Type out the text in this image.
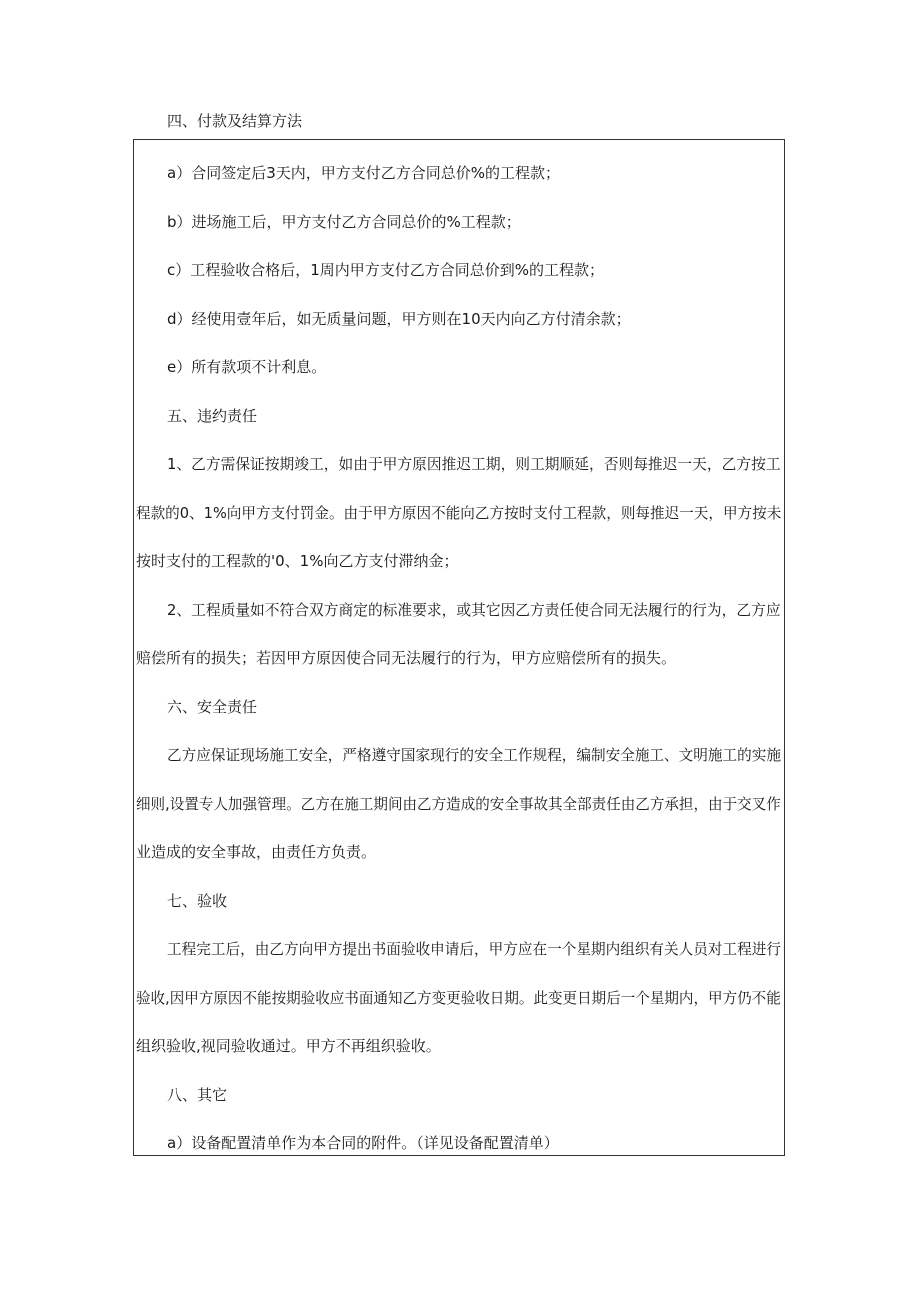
四、付款及结算方法
a）合同签定后3天内，甲方支付乙方合同总价%的工程款；
b）进场施工后，甲方支付乙方合同总价的%工程款；
c）工程验收合格后，1周内甲方支付乙方合同总价到%的工程款；
d）经使用壹年后，如无质量问题，甲方则在10天内向乙方付清余款；
e）所有款项不计利息。
五、违约责任
1、乙方需保证按期竣工，如由于甲方原因推迟工期，则工期顺延，否则每推迟一天，乙方按工
程款的0、1%向甲方支付罚金。由于甲方原因不能向乙方按时支付工程款，则每推迟一天，甲方按未
按时支付的工程款的'0、1%向乙方支付滞纳金；
2、工程质量如不符合双方商定的标准要求，或其它因乙方责任使合同无法履行的行为，乙方应
赔偿所有的损失；若因甲方原因使合同无法履行的行为，甲方应赔偿所有的损失。
六、安全责任
乙方应保证现场施工安全，严格遵守国家现行的安全工作规程，编制安全施工、文明施工的实施
细则,设置专人加强管理。乙方在施工期间由乙方造成的安全事故其全部责任由乙方承担，由于交叉作
业造成的安全事故，由责任方负责。
七、验收
工程完工后，由乙方向甲方提出书面验收申请后，甲方应在一个星期内组织有关人员对工程进行
验收,因甲方原因不能按期验收应书面通知乙方变更验收日期。此变更日期后一个星期内，甲方仍不能
组织验收,视同验收通过。甲方不再组织验收。
八、其它
a）设备配置清单作为本合同的附件。（详见设备配置清单）
